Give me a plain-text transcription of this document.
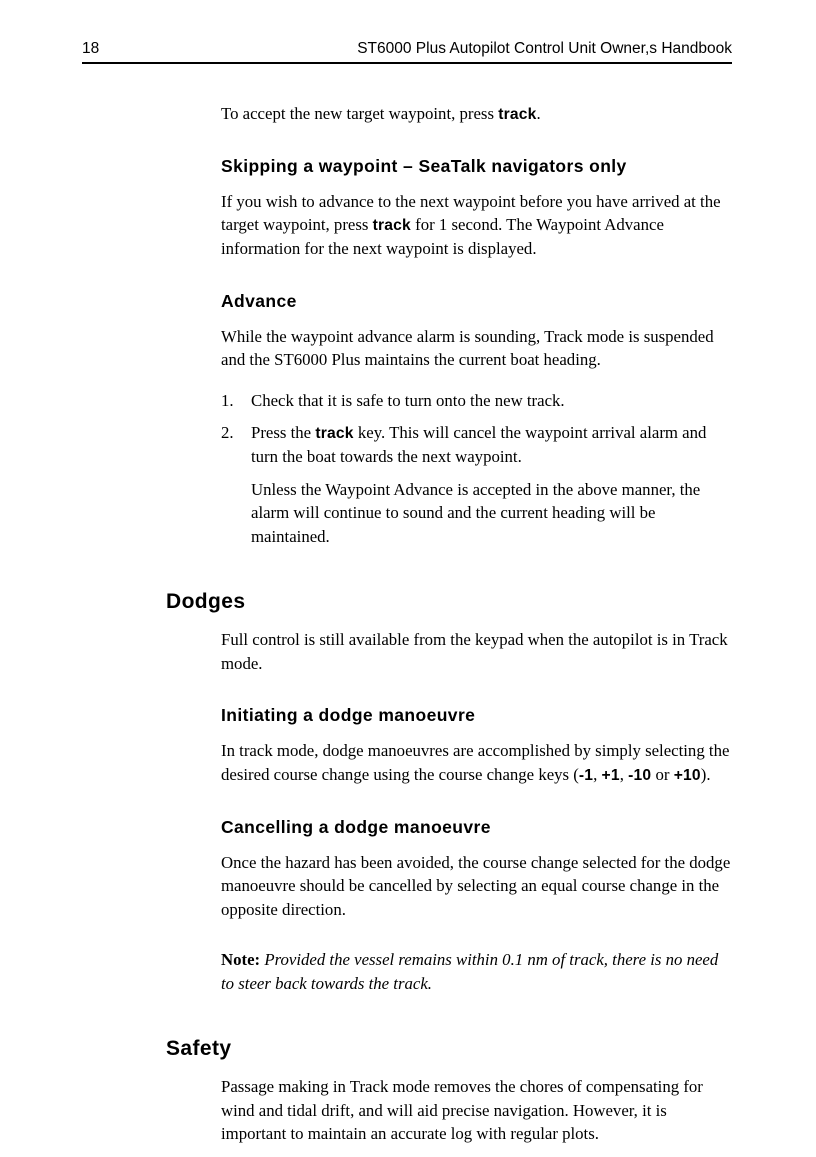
18	ST6000 Plus Autopilot Control Unit Owner,s Handbook

To accept the new target waypoint, press track.

Skipping a waypoint – SeaTalk navigators only

If you wish to advance to the next waypoint before you have arrived at the target waypoint, press track for 1 second. The Waypoint Advance information for the next waypoint is displayed.

Advance

While the waypoint advance alarm is sounding, Track mode is suspended and the ST6000 Plus maintains the current boat heading.

1.	Check that it is safe to turn onto the new track.
2.	Press the track key. This will cancel the waypoint arrival alarm and turn the boat towards the next waypoint.

Unless the Waypoint Advance is accepted in the above manner, the alarm will continue to sound and the current heading will be maintained.

Dodges

Full control is still available from the keypad when the autopilot is in Track mode.

Initiating a dodge manoeuvre

In track mode, dodge manoeuvres are accomplished by simply selecting the desired course change using the course change keys (-1, +1, -10 or +10).

Cancelling a dodge manoeuvre

Once the hazard has been avoided, the course change selected for the dodge manoeuvre should be cancelled by selecting an equal course change in the opposite direction.

Note: Provided the vessel remains within 0.1 nm of track, there is no need to steer back towards the track.

Safety

Passage making in Track mode removes the chores of compensating for wind and tidal drift, and will aid precise navigation. However, it is important to maintain an accurate log with regular plots.
